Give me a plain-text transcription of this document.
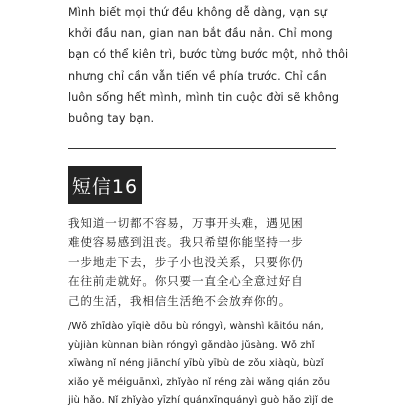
Mình biết mọi thứ đều không dễ dàng, vạn sự
khởi đầu nan, gian nan bắt đầu nản. Chỉ mong
bạn có thể kiên trì, bước từng bước một, nhỏ thôi
nhưng chỉ cần vẫn tiến về phía trước. Chỉ cần
luôn sống hết mình, mình tin cuộc đời sẽ không
buông tay bạn.

短信16

我知道一切都不容易，万事开头难，遇见困
难使容易感到沮丧。我只希望你能坚持一步
一步地走下去，步子小也没关系，只要你仍
在往前走就好。你只要一直全心全意过好自
己的生活，我相信生活绝不会放弃你的。

/Wǒ zhīdào yīqiè dōu bù róngyì, wànshì kāitóu nán,
yùjiàn kùnnan biàn róngyì gǎndào jǔsàng. Wǒ zhǐ
xīwàng nǐ néng jiānchí yībù yībù de zǒu xiàqù, bùzǐ
xiǎo yě méiguānxì, zhǐyào nǐ réng zài wǎng qián zǒu
jiù hǎo. Nǐ zhǐyào yīzhí quánxīnquányì guò hǎo zìjǐ de
